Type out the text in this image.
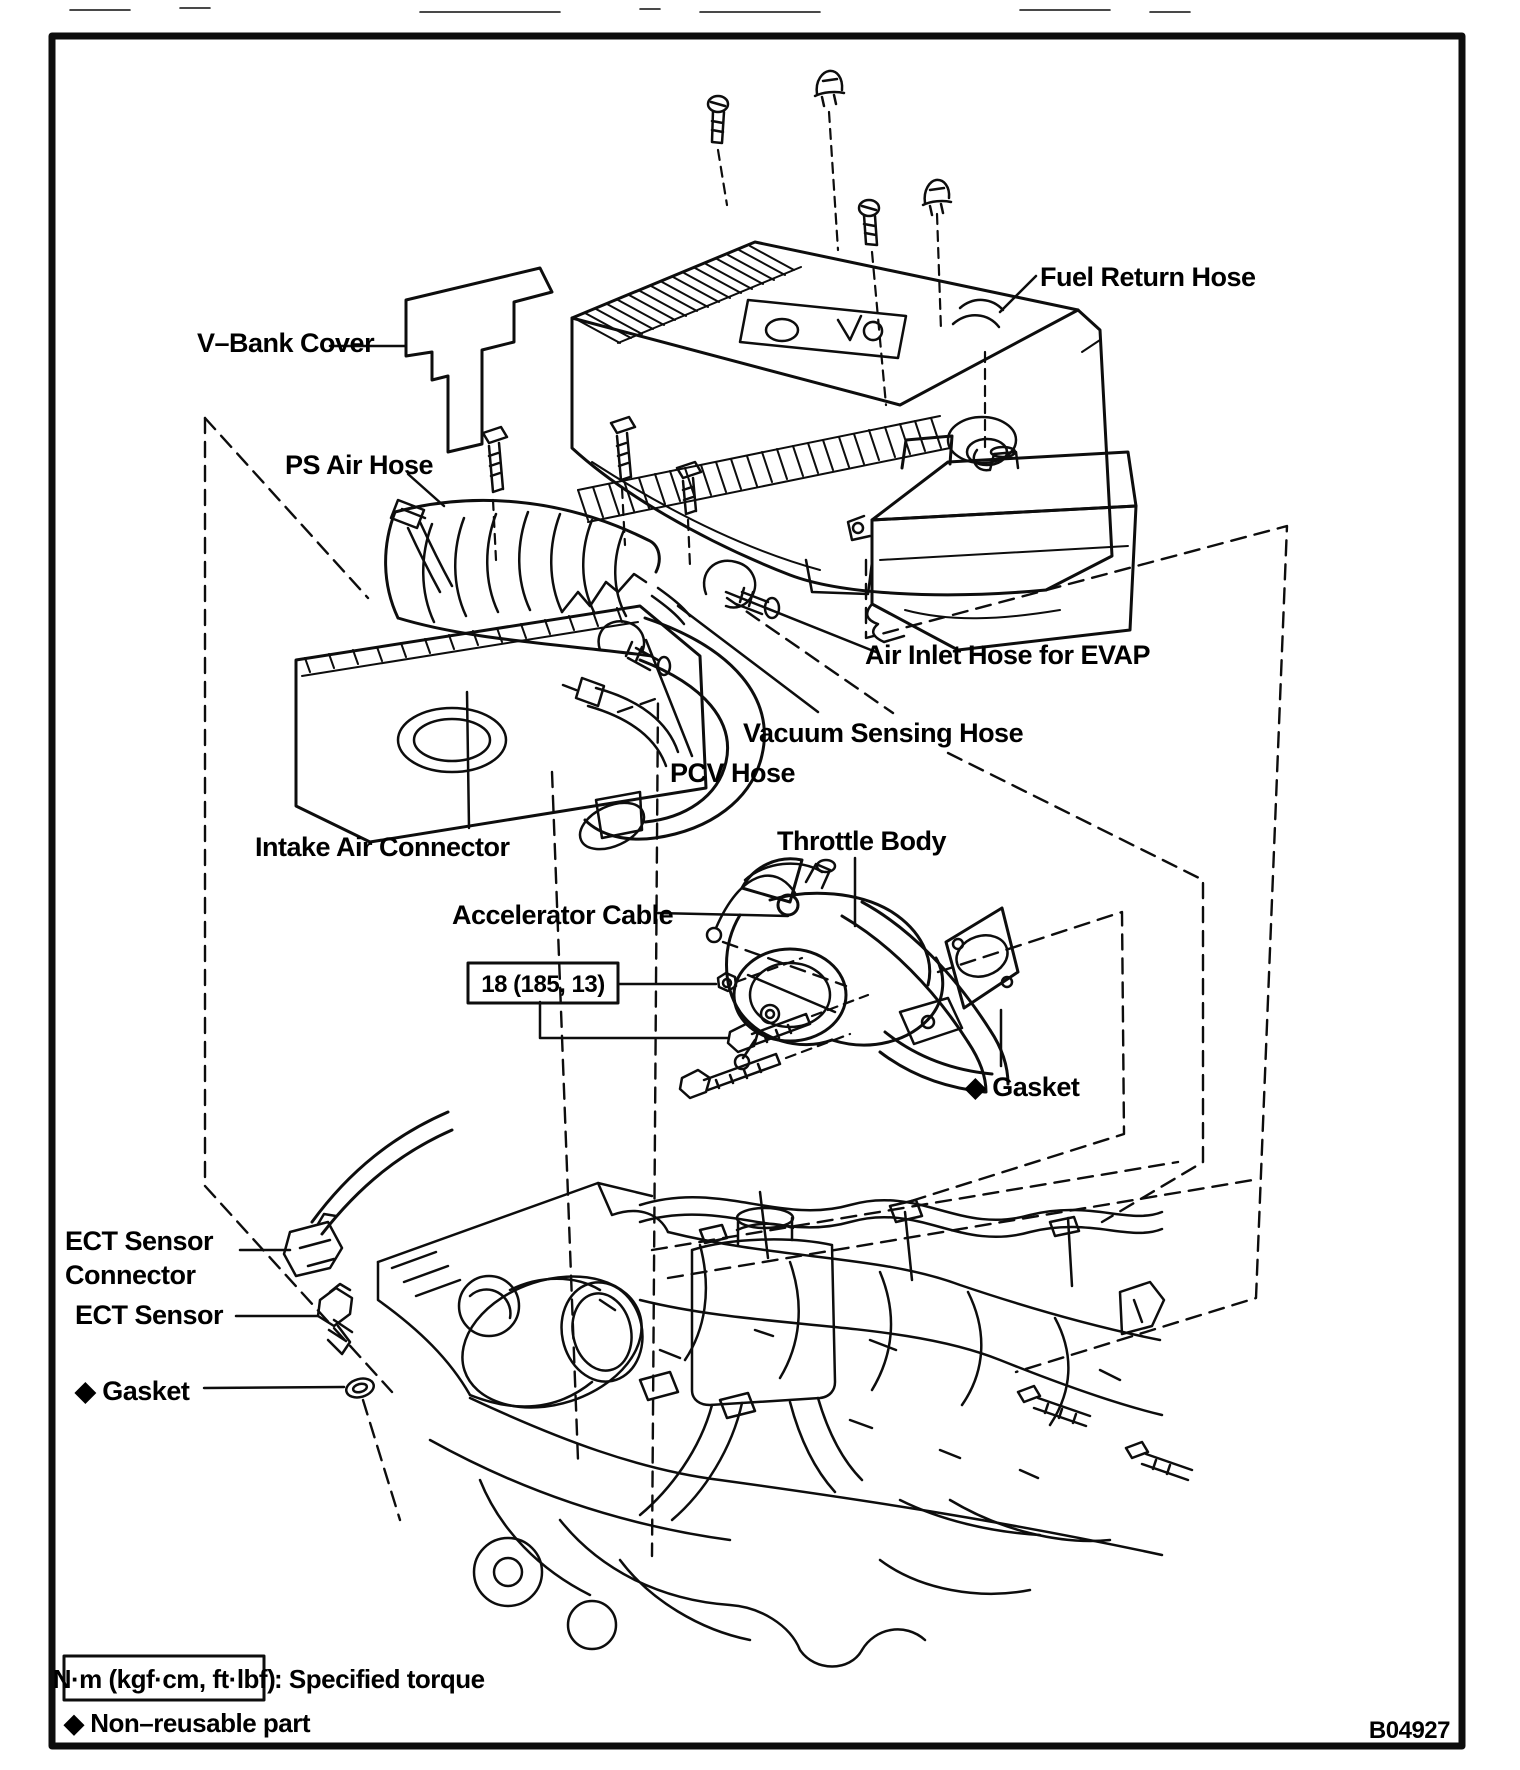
18 (185, 13)
V–Bank Cover
Fuel Return Hose
PS Air Hose
Air Inlet Hose for EVAP
Vacuum Sensing Hose
PCV Hose
Intake Air Connector	Throttle Body
Accelerator Cable
◆ Gasket
ECT Sensor
Connector
ECT Sensor
◆ Gasket
N·m (kgf·cm, ft·lbf)
: Specified torque
◆ Non–reusable part	B04927
